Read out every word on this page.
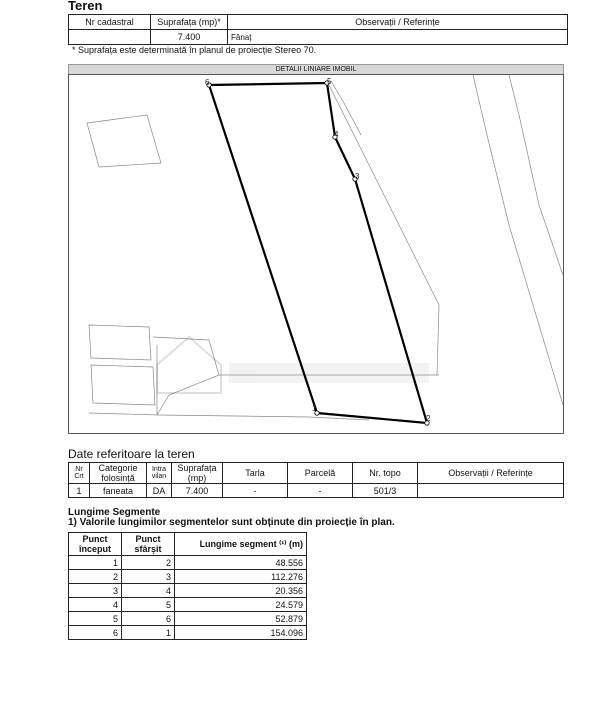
Teren
Nr cadastral	Suprafața (mp)*	Observații / Referințe
	7.400	Fânaț
* Suprafața este determinată în planul de proiecție Stereo 70.
DETALII LINIARE IMOBIL
1
2
3
4
5
6
Date referitoare la teren
Nr Crt	Categorie folosință	Intra vilan	Suprafața (mp)	Tarla	Parcelă	Nr. topo	Observații / Referințe
1	faneata	DA	7.400	-	-	501/3	
Lungime Segmente
1) Valorile lungimilor segmentelor sunt obținute din proiecție în plan.
Punct început	Punct sfârșit	Lungime segment ⁽¹⁾ (m)
1	2	48.556
2	3	112.276
3	4	20.356
4	5	24.579
5	6	52.879
6	1	154.096
